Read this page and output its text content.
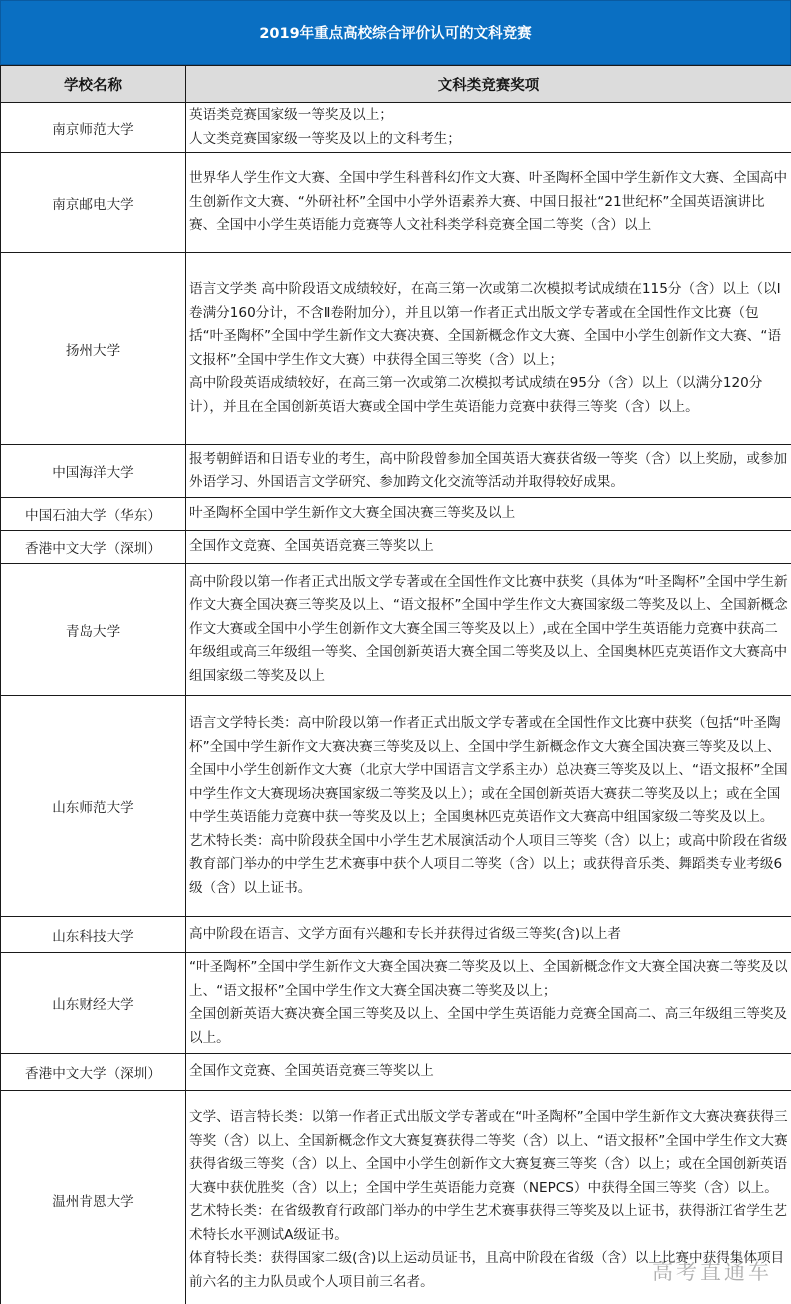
2019年重点高校综合评价认可的文科竞赛
学校名称	文科类竞赛奖项
南京师范大学	英语类竞赛国家级一等奖及以上；
人文类竞赛国家级一等奖及以上的文科考生；

南京邮电大学	世界华人学生作文大赛、全国中学生科普科幻作文大赛、叶圣陶杯全国中学生新作文大赛、全国高中生创新作文大赛、“外研社杯”全国中小学外语素养大赛、中国日报社“21世纪杯”全国英语演讲比赛、全国中小学生英语能力竞赛等人文社科类学科竞赛全国二等奖（含）以上

扬州大学	语言文学类 高中阶段语文成绩较好，在高三第一次或第二次模拟考试成绩在115分（含）以上（以Ⅰ卷满分160分计，不含Ⅱ卷附加分），并且以第一作者正式出版文学专著或在全国性作文比赛（包括“叶圣陶杯”全国中学生新作文大赛决赛、全国新概念作文大赛、全国中小学生创新作文大赛、“语文报杯”全国中学生作文大赛）中获得全国三等奖（含）以上；
高中阶段英语成绩较好，在高三第一次或第二次模拟考试成绩在95分（含）以上（以满分120分计），并且在全国创新英语大赛或全国中学生英语能力竞赛中获得三等奖（含）以上。

中国海洋大学	报考朝鲜语和日语专业的考生，高中阶段曾参加全国英语大赛获省级一等奖（含）以上奖励，或参加外语学习、外国语言文学研究、参加跨文化交流等活动并取得较好成果。

中国石油大学（华东）	叶圣陶杯全国中学生新作文大赛全国决赛三等奖及以上

香港中文大学（深圳）	全国作文竞赛、全国英语竞赛三等奖以上

青岛大学	高中阶段以第一作者正式出版文学专著或在全国性作文比赛中获奖（具体为“叶圣陶杯”全国中学生新作文大赛全国决赛三等奖及以上、“语文报杯”全国中学生作文大赛国家级二等奖及以上、全国新概念作文大赛或全国中小学生创新作文大赛全国三等奖及以上）,或在全国中学生英语能力竞赛中获高二年级组或高三年级组一等奖、全国创新英语大赛全国二等奖及以上、全国奥林匹克英语作文大赛高中组国家级二等奖及以上

山东师范大学	语言文学特长类：高中阶段以第一作者正式出版文学专著或在全国性作文比赛中获奖（包括“叶圣陶杯”全国中学生新作文大赛决赛三等奖及以上、全国中学生新概念作文大赛全国决赛三等奖及以上、全国中小学生创新作文大赛（北京大学中国语言文学系主办）总决赛三等奖及以上、“语文报杯”全国中学生作文大赛现场决赛国家级二等奖及以上）；或在全国创新英语大赛获二等奖及以上；或在全国中学生英语能力竞赛中获一等奖及以上；全国奥林匹克英语作文大赛高中组国家级二等奖及以上。
艺术特长类：高中阶段获全国中小学生艺术展演活动个人项目三等奖（含）以上；或高中阶段在省级教育部门举办的中学生艺术赛事中获个人项目二等奖（含）以上；或获得音乐类、舞蹈类专业考级6级（含）以上证书。

山东科技大学	高中阶段在语言、文学方面有兴趣和专长并获得过省级三等奖(含)以上者

山东财经大学	“叶圣陶杯”全国中学生新作文大赛全国决赛二等奖及以上、全国新概念作文大赛全国决赛二等奖及以上、“语文报杯”全国中学生作文大赛全国决赛二等奖及以上；
全国创新英语大赛决赛全国三等奖及以上、全国中学生英语能力竞赛全国高二、高三年级组三等奖及以上。

香港中文大学（深圳）	全国作文竞赛、全国英语竞赛三等奖以上

温州肯恩大学	文学、语言特长类：以第一作者正式出版文学专著或在“叶圣陶杯”全国中学生新作文大赛决赛获得三等奖（含）以上、全国新概念作文大赛复赛获得二等奖（含）以上、“语文报杯”全国中学生作文大赛获得省级三等奖（含）以上、全国中小学生创新作文大赛复赛三等奖（含）以上；或在全国创新英语大赛中获优胜奖（含）以上；全国中学生英语能力竞赛（NEPCS）中获得全国三等奖（含）以上。
艺术特长类：在省级教育行政部门举办的中学生艺术赛事获得三等奖及以上证书，获得浙江省学生艺术特长水平测试A级证书。
体育特长类：获得国家二级(含)以上运动员证书，且高中阶段在省级（含）以上比赛中获得集体项目前六名的主力队员或个人项目前三名者。	高考直通车
